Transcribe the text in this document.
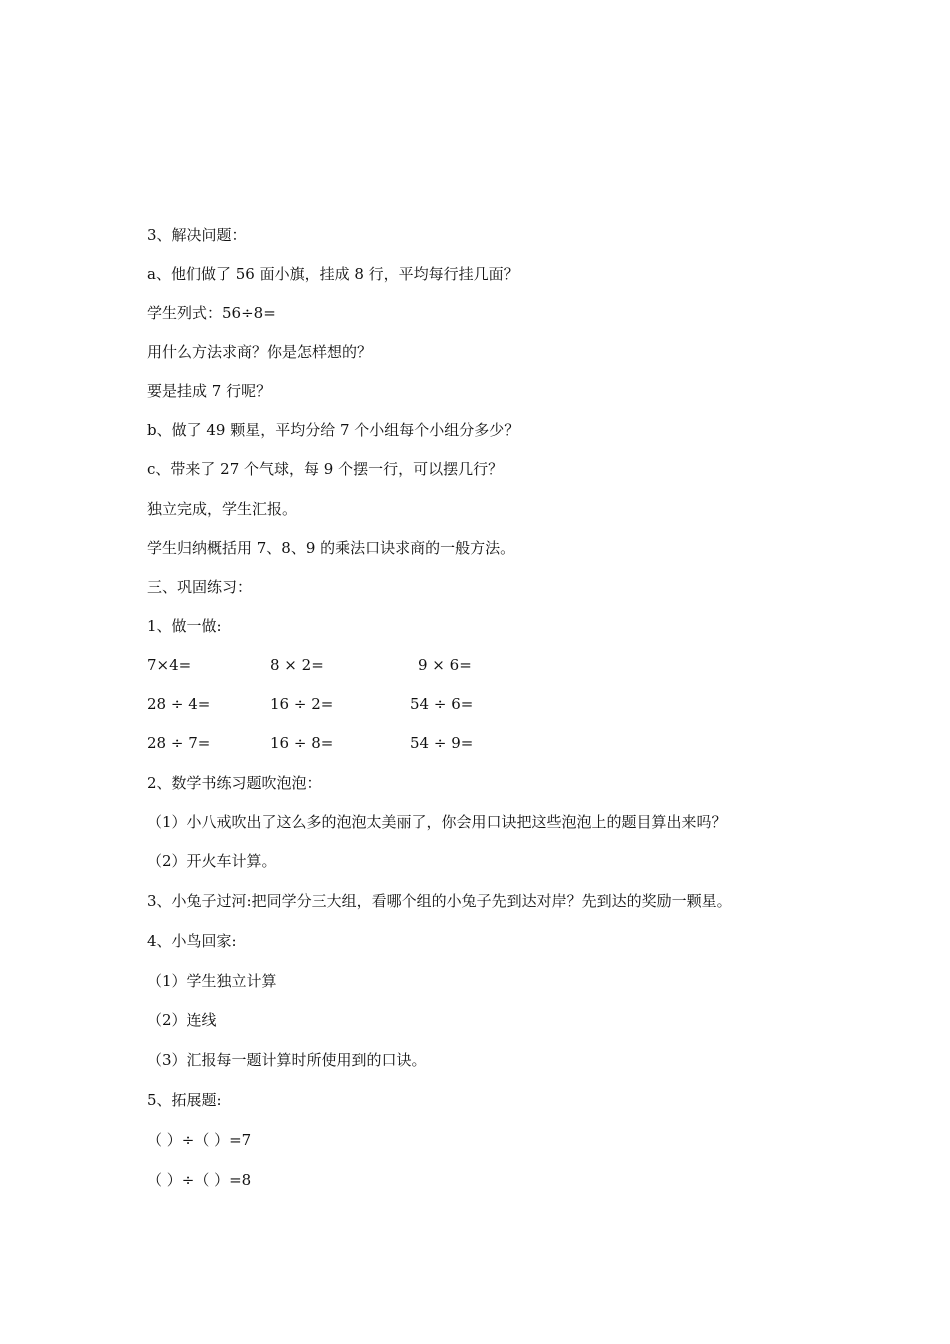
3、解决问题：
a、他们做了 56 面小旗，挂成 8 行，平均每行挂几面？
学生列式：56÷8=
用什么方法求商？你是怎样想的？
要是挂成 7 行呢？
b、做了 49 颗星，平均分给 7 个小组每个小组分多少？
c、带来了 27 个气球，每 9 个摆一行，可以摆几行？
独立完成，学生汇报。
学生归纳概括用 7、8、9 的乘法口诀求商的一般方法。
三、巩固练习：
1、做一做:
7×4=	8 × 2=	9 × 6=
28 ÷ 4=	16 ÷ 2=	54 ÷ 6=
28 ÷ 7=	16 ÷ 8=	54 ÷ 9=
2、数学书练习题吹泡泡：
（1）小八戒吹出了这么多的泡泡太美丽了，你会用口诀把这些泡泡上的题目算出来吗？
（2）开火车计算。
3、小兔子过河:把同学分三大组，看哪个组的小兔子先到达对岸？先到达的奖励一颗星。
4、小鸟回家:
（1）学生独立计算
（2）连线
（3）汇报每一题计算时所使用到的口诀。
5、拓展题:
（ ）÷（ ）=7
（ ）÷（ ）=8
